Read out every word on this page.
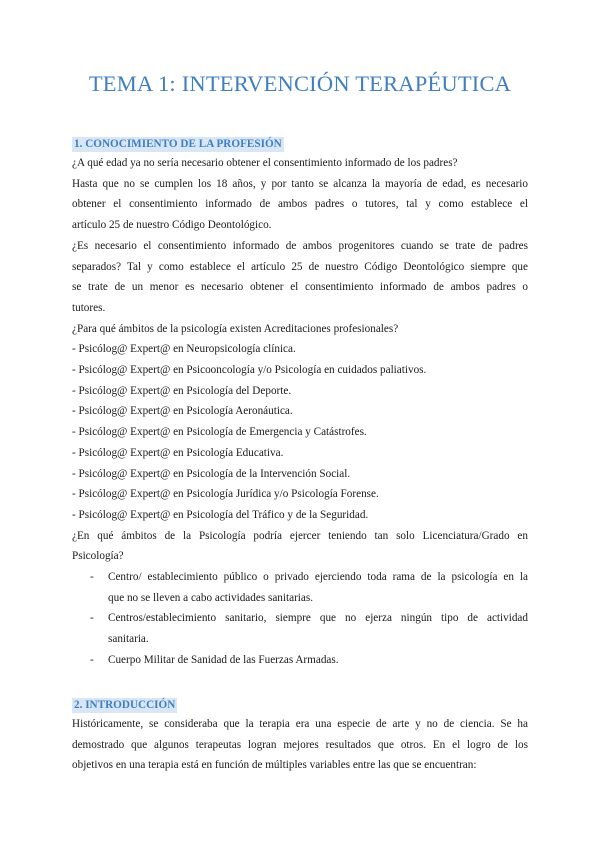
TEMA 1: INTERVENCIÓN TERAPÉUTICA
1. CONOCIMIENTO DE LA PROFESIÓN

¿A qué edad ya no sería necesario obtener el consentimiento informado de los padres?

Hasta que no se cumplen los 18 años, y por tanto se alcanza la mayoría de edad, es necesario

obtener el consentimiento informado de ambos padres o tutores, tal y como establece el

artículo 25 de nuestro Código Deontológico.

¿Es necesario el consentimiento informado de ambos progenitores cuando se trate de padres

separados? Tal y como establece el artículo 25 de nuestro Código Deontológico siempre que

se trate de un menor es necesario obtener el consentimiento informado de ambos padres o

tutores.

¿Para qué ámbitos de la psicología existen Acreditaciones profesionales?

- Psicólog@ Expert@ en Neuropsicología clínica.

- Psicólog@ Expert@ en Psicooncología y/o Psicología en cuidados paliativos.

- Psicólog@ Expert@ en Psicología del Deporte.

- Psicólog@ Expert@ en Psicología Aeronáutica.

- Psicólog@ Expert@ en Psicología de Emergencia y Catástrofes.

- Psicólog@ Expert@ en Psicología Educativa.

- Psicólog@ Expert@ en Psicología de la Intervención Social.

- Psicólog@ Expert@ en Psicología Jurídica y/o Psicología Forense.

- Psicólog@ Expert@ en Psicología del Tráfico y de la Seguridad.

¿En qué ámbitos de la Psicología podría ejercer teniendo tan solo Licenciatura/Grado en

Psicología?

- Centro/ establecimiento público o privado ejerciendo toda rama de la psicología en la
que no se lleven a cabo actividades sanitarias.
- Centros/establecimiento sanitario, siempre que no ejerza ningún tipo de actividad
sanitaria.
- Cuerpo Militar de Sanidad de las Fuerzas Armadas.
2. INTRODUCCIÓN

Históricamente, se consideraba que la terapia era una especie de arte y no de ciencia. Se ha

demostrado que algunos terapeutas logran mejores resultados que otros. En el logro de los

objetivos en una terapia está en función de múltiples variables entre las que se encuentran:
